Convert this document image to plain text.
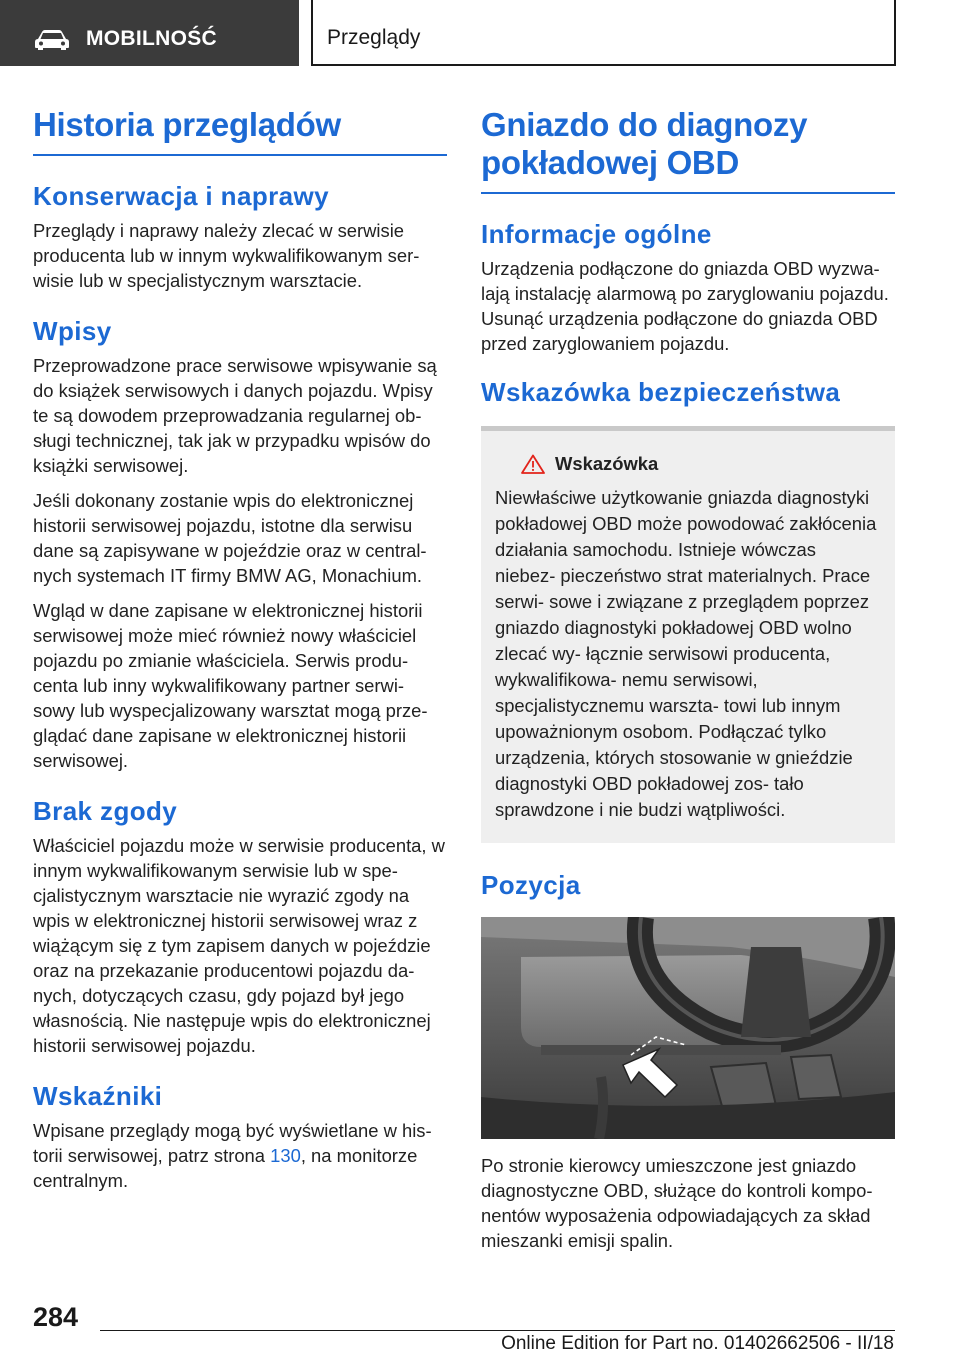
MOBILNOŚĆ	Przeglądy
Historia przeglądów
Konserwacja i naprawy

Przeglądy i naprawy należy zlecać w serwisie producenta lub w innym wykwalifikowanym ser- wisie lub w specjalistycznym warsztacie.

Wpisy

Przeprowadzone prace serwisowe wpisywanie są do książek serwisowych i danych pojazdu. Wpisy te są dowodem przeprowadzania regularnej ob- sługi technicznej, tak jak w przypadku wpisów do książki serwisowej.

Jeśli dokonany zostanie wpis do elektronicznej historii serwisowej pojazdu, istotne dla serwisu dane są zapisywane w pojeździe oraz w central- nych systemach IT firmy BMW AG, Monachium.

Wgląd w dane zapisane w elektronicznej historii serwisowej może mieć również nowy właściciel pojazdu po zmianie właściciela. Serwis produ- centa lub inny wykwalifikowany partner serwi- sowy lub wyspecjalizowany warsztat mogą prze- glądać dane zapisane w elektronicznej historii serwisowej.

Brak zgody

Właściciel pojazdu może w serwisie producenta, w innym wykwalifikowanym serwisie lub w spe- cjalistycznym warsztacie nie wyrazić zgody na wpis w elektronicznej historii serwisowej wraz z wiążącym się z tym zapisem danych w pojeździe oraz na przekazanie producentowi pojazdu da- nych, dotyczących czasu, gdy pojazd był jego własnością. Nie następuje wpis do elektronicznej historii serwisowej pojazdu.

Wskaźniki

Wpisane przeglądy mogą być wyświetlane w his- torii serwisowej, patrz strona 130, na monitorze centralnym.

Gniazdo do diagnozy
pokładowej OBD
Informacje ogólne

Urządzenia podłączone do gniazda OBD wyzwa- lają instalację alarmową po zaryglowaniu pojazdu. Usunąć urządzenia podłączone do gniazda OBD przed zaryglowaniem pojazdu.

Wskazówka bezpieczeństwa
Wskazówka

Niewłaściwe użytkowanie gniazda diagnostyki pokładowej OBD może powodować zakłócenia działania samochodu. Istnieje wówczas niebez- pieczeństwo strat materialnych. Prace serwi- sowe i związane z przeglądem poprzez gniazdo diagnostyki pokładowej OBD wolno zlecać wy- łącznie serwisowi producenta, wykwalifikowa- nemu serwisowi, specjalistycznemu warszta- towi lub innym upoważnionym osobom. Podłączać tylko urządzenia, których stosowanie w gnieździe diagnostyki OBD pokładowej zos- tało sprawdzone i nie budzi wątpliwości.

Pozycja

Po stronie kierowcy umieszczone jest gniazdo diagnostyczne OBD, służące do kontroli kompo- nentów wyposażenia odpowiadających za skład mieszanki emisji spalin.

284
Online Edition for Part no. 01402662506 - II/18
